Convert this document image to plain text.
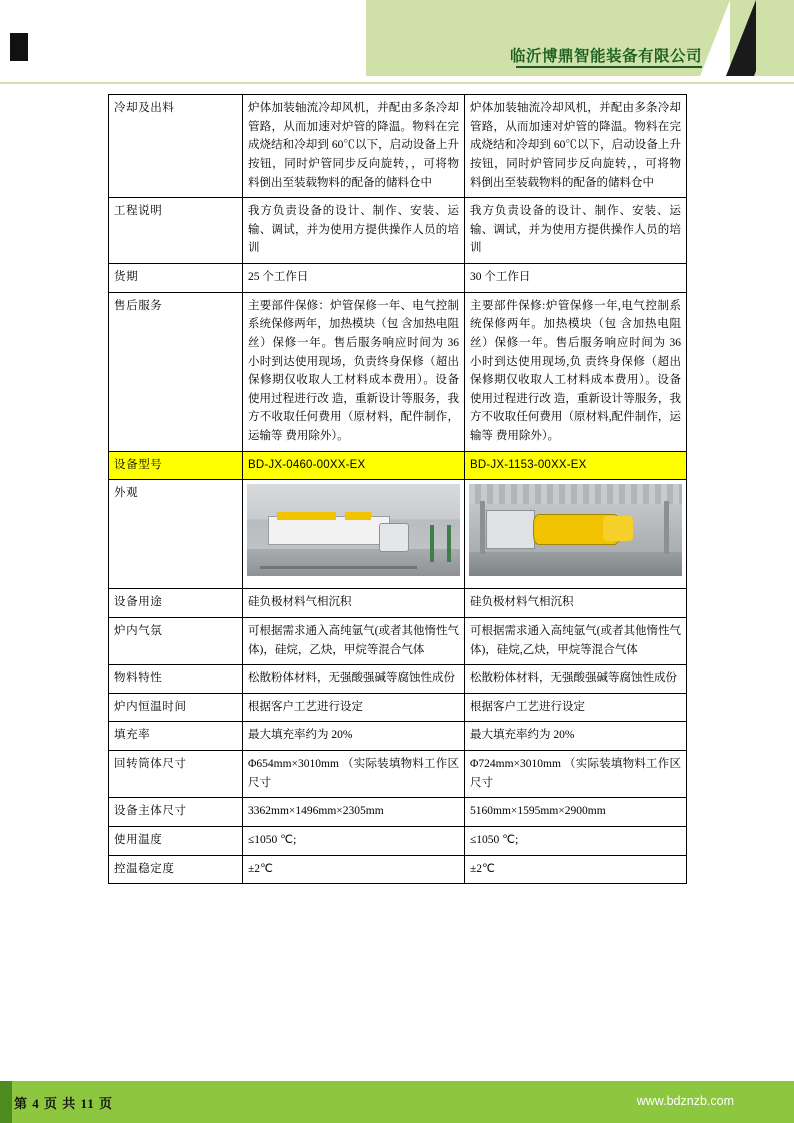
临沂博鼎智能装备有限公司
冷却及出料	炉体加装轴流冷却风机，并配由多条冷却管路，从而加速对炉管的降温。物料在完成烧结和冷却到 60℃以下，启动设备上升按钮，同时炉管同步反向旋转，，可将物料倒出至装载物料的配备的储料仓中	炉体加装轴流冷却风机，并配由多条冷却管路，从而加速对炉管的降温。物料在完成烧结和冷却到 60℃以下，启动设备上升按钮，同时炉管同步反向旋转，，可将物料倒出至装载物料的配备的储料仓中
工程说明	我方负责设备的设计、制作、安装、运输、调试，并为使用方提供操作人员的培训	我方负责设备的设计、制作、安装、运输、调试，并为使用方提供操作人员的培训
货期	25 个工作日	30 个工作日
售后服务	主要部件保修：炉管保修一年、电气控制系统保修两年，加热模块（包 含加热电阻丝）保修一年。售后服务响应时间为 36 小时到达使用现场，负责终身保修（超出保修期仅收取人工材料成本费用）。设备使用过程进行改 造，重新设计等服务，我方不收取任何费用（原材料，配件制作，运输等 费用除外）。	主要部件保修:炉管保修一年,电气控制系统保修两年。加热模块（包 含加热电阻丝）保修一年。售后服务响应时间为 36 小时到达使用现场,负 责终身保修（超出保修期仅收取人工材料成本费用）。设备使用过程进行改 造，重新设计等服务，我方不收取任何费用（原材料,配件制作，运输等 费用除外）。
设备型号	BD-JX-0460-00XX-EX	BD-JX-1153-00XX-EX
外观	

设备用途	硅负极材料气相沉积	硅负极材料气相沉积
炉内气氛	可根据需求通入高纯氩气(或者其他惰性气体)，硅烷，乙炔，甲烷等混合气体	可根据需求通入高纯氩气(或者其他惰性气体)，硅烷,乙炔，甲烷等混合气体
物料特性	松散粉体材料，无强酸强碱等腐蚀性成份	松散粉体材料，无强酸强碱等腐蚀性成份
炉内恒温时间	根据客户工艺进行设定	根据客户工艺进行设定
填充率	最大填充率约为 20%	最大填充率约为 20%
回转筒体尺寸	Φ654mm×3010mm （实际装填物料工作区尺寸	Φ724mm×3010mm （实际装填物料工作区尺寸
设备主体尺寸	3362mm×1496mm×2305mm	5160mm×1595mm×2900mm
使用温度	≤1050 ℃;	≤1050 ℃;
控温稳定度	±2℃	±2℃
第 4 页 共 11 页	www.bdznzb.com
